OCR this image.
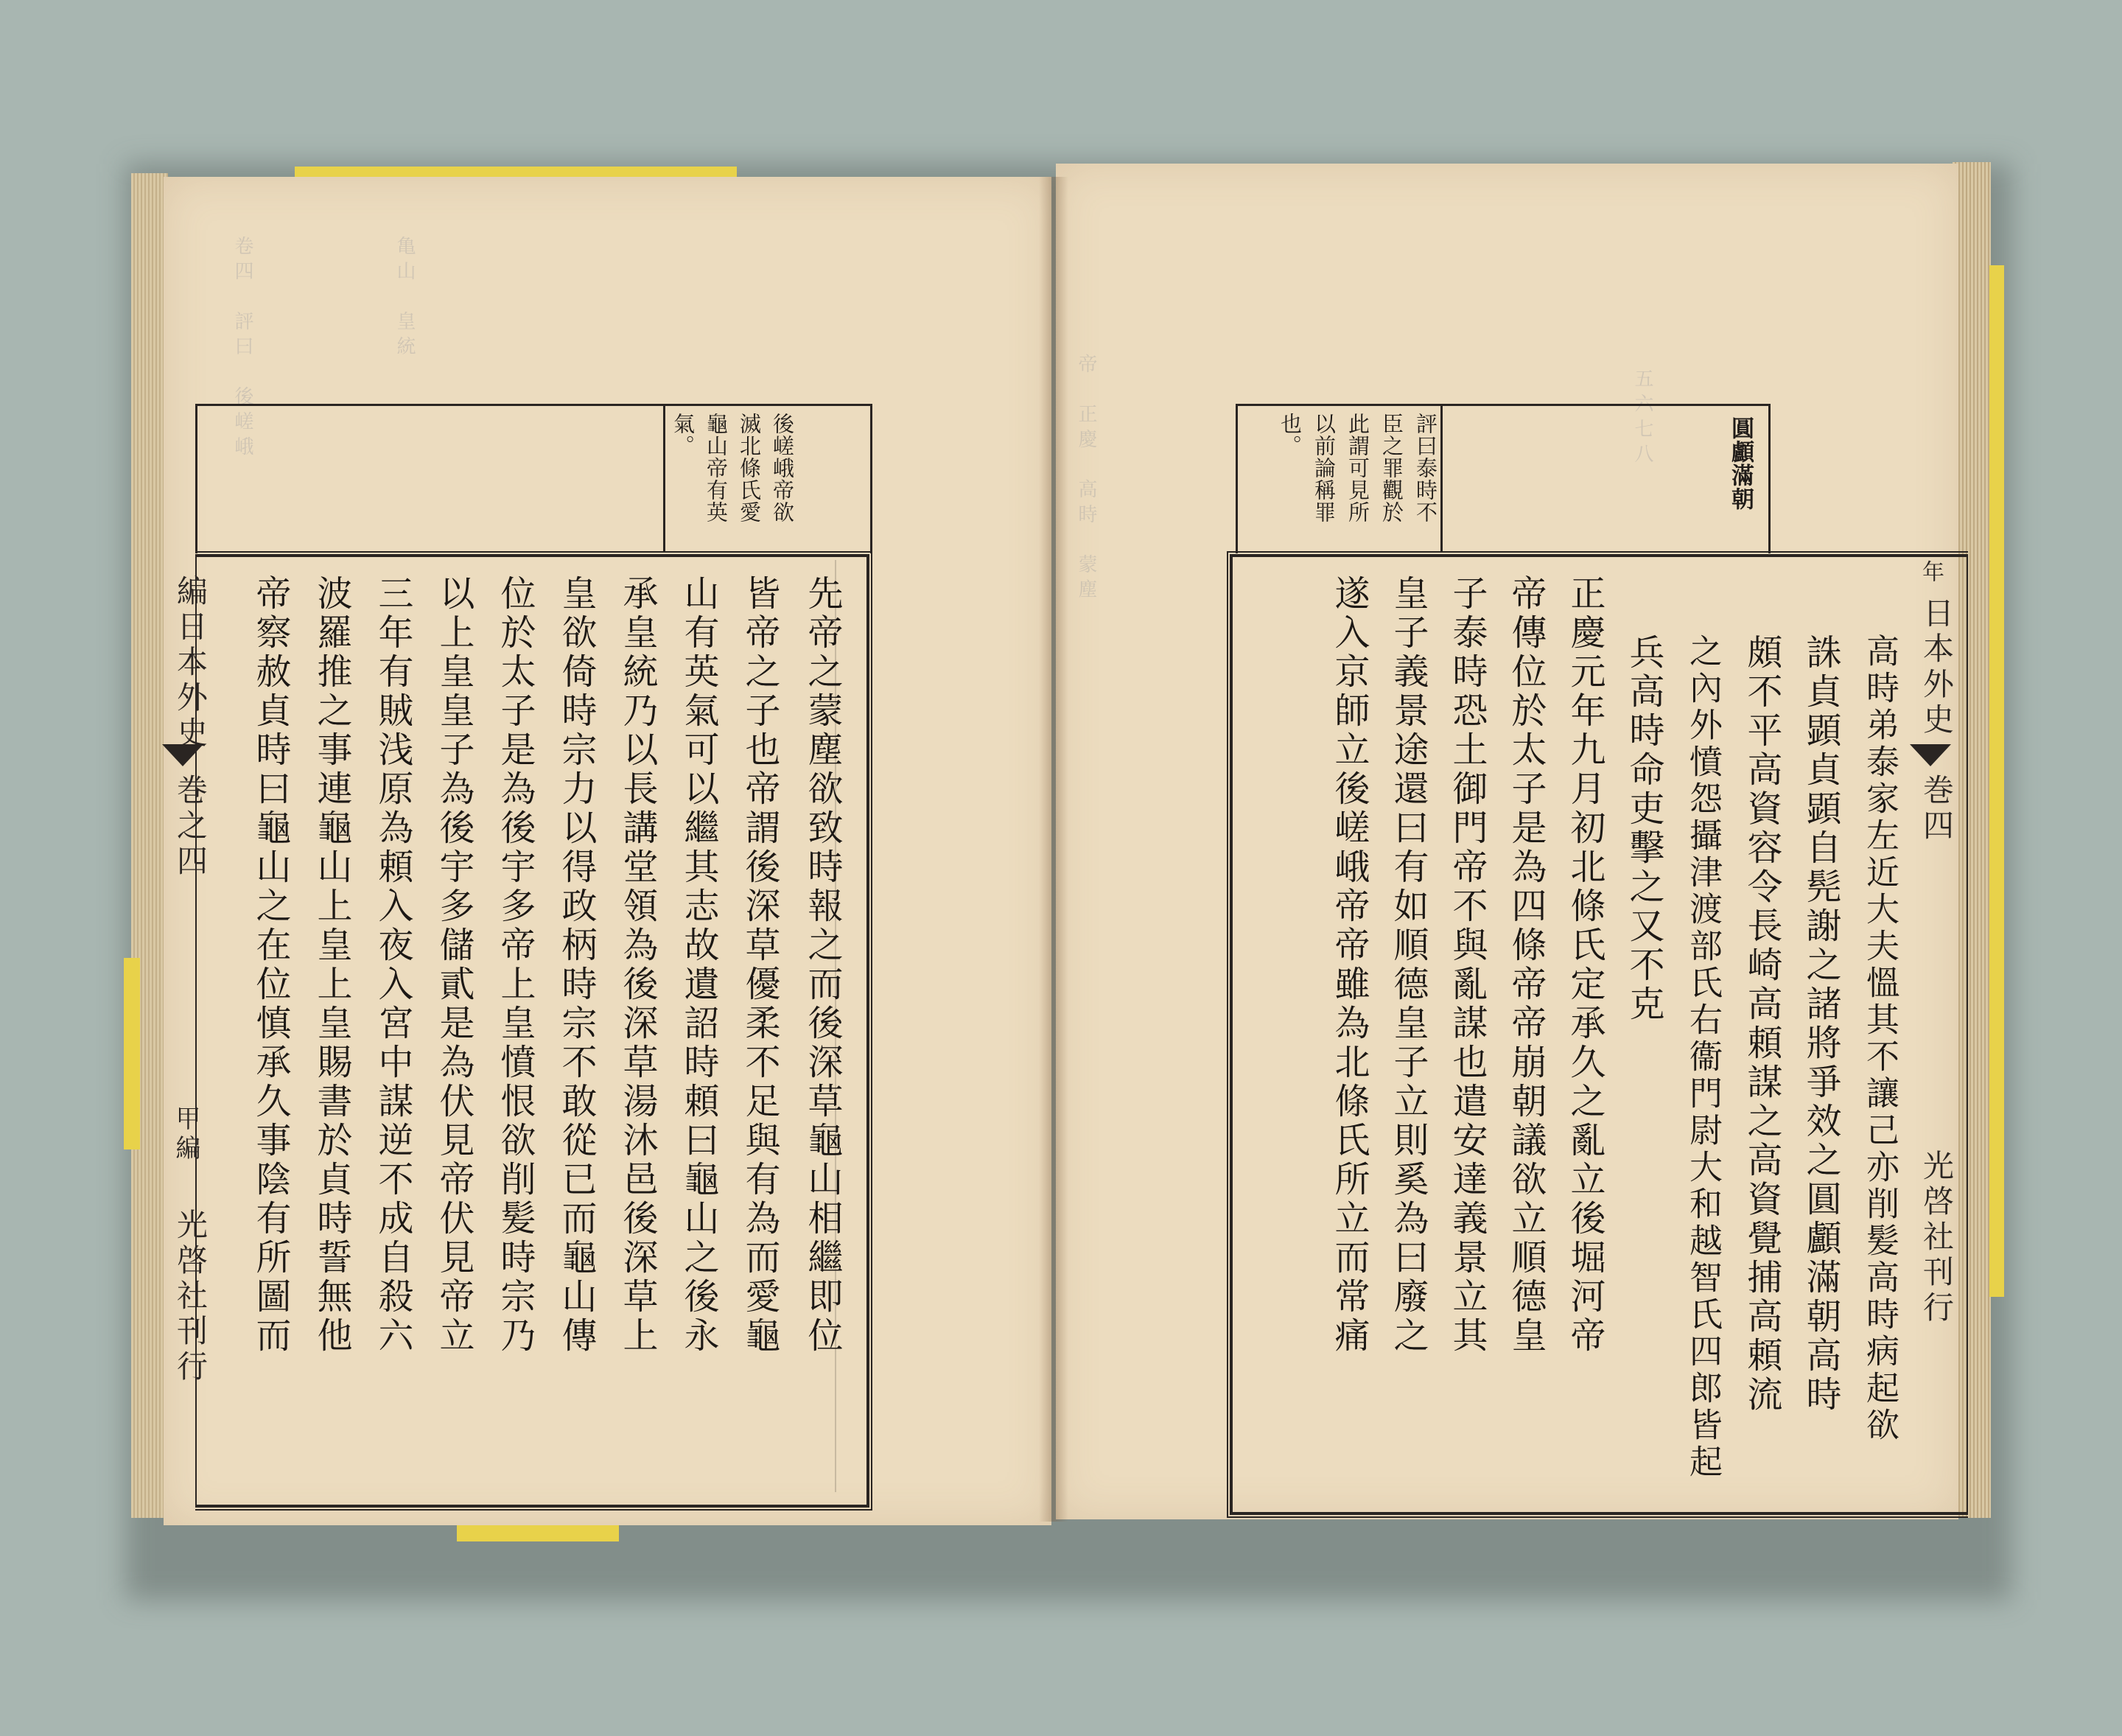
卷四　評曰　後嵯峨	亀山　皇統
後嵯峨帝欲
滅北條氏愛
龜山帝有英
氣。
先帝之蒙塵欲致時報之而後深草龜山相繼即位
皆帝之子也帝謂後深草優柔不足與有為而愛龜
山有英氣可以繼其志故遺詔時頼曰龜山之後永
承皇統乃以長講堂領為後深草湯沐邑後深草上
皇欲倚時宗力以得政柄時宗不敢從已而龜山傳
位於太子是為後宇多帝上皇憤恨欲削髪時宗乃
以上皇皇子為後宇多儲貳是為伏見帝伏見帝立
三年有賊浅原為頼入夜入宮中謀逆不成自殺六
波羅推之事連龜山上皇上皇賜書於貞時誓無他
帝察赦貞時曰龜山之在位慎承久事陰有所圖而
編日本外史
巻之四
甲編
光啓社刊行
帝　正慶　高時　蒙塵	五六七八
評曰泰時不
臣之罪觀於
此謂可見所
以前論稱罪
也。	圓顱滿朝
高時弟泰家左近大夫慍其不讓己亦削髪高時病起欲
誅貞顕貞顕自髡謝之諸將爭效之圓顱滿朝高時
頗不平高資容令長崎高頼謀之高資覺捕高頼流
之內外憤怨攝津渡部氏右衞門尉大和越智氏四郎皆起
兵高時命吏擊之又不克
正慶元年九月初北條氏定承久之亂立後堀河帝
帝傳位於太子是為四條帝帝崩朝議欲立順德皇
子泰時恐土御門帝不與亂謀也遣安達義景立其
皇子義景途還曰有如順德皇子立則奚為曰廢之
遂入京師立後嵯峨帝帝雖為北條氏所立而常痛
年
日本外史
巻四
光啓社刊行
